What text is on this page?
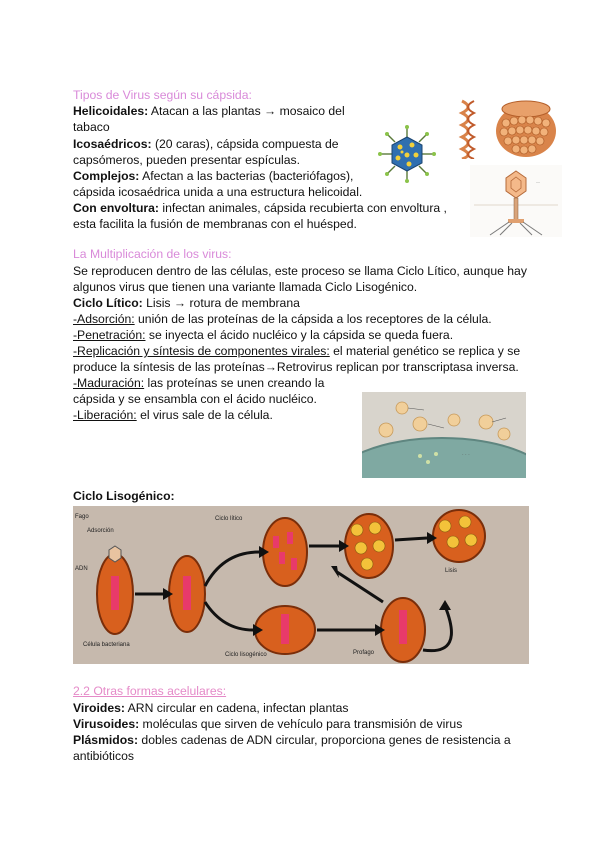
Tipos de Virus según su cápsida:
Helicoidales: Atacan a las plantas → mosaico del
tabaco
Icosaédricos: (20 caras), cápsida compuesta de
capsómeros, pueden presentar espículas.
Complejos: Afectan a las bacterias (bacteriófagos),
cápsida icosaédrica unida a una estructura helicoidal.
Con envoltura: infectan animales, cápsida recubierta con envoltura ,
esta facilita la fusión de membranas con el huésped.
—
La Multiplicación de los virus:
Se reproducen dentro de las células, este proceso se llama Ciclo Lítico, aunque hay
algunos virus que tienen una variante llamada Ciclo Lisogénico.
Ciclo Lítico: Lisis → rotura de membrana
-Adsorción: unión de las proteínas de la cápsida a los receptores de la célula.
-Penetración: se inyecta el ácido nucléico y la cápsida se queda fuera.
-Replicación y síntesis de componentes virales: el material genético se replica y se
produce la síntesis de las proteínas→Retrovirus replican por transcriptasa inversa.
-Maduración: las proteínas se unen creando la
cápsida y se ensambla con el ácido nucléico.
-Liberación: el virus sale de la célula.
· · ·
Ciclo Lisogénico:
Fago
Adsorción
ADN
Célula bacteriana
Ciclo lítico
Ciclo lisogénico
Lisis
Profago
2.2 Otras formas acelulares:
Viroides: ARN circular en cadena, infectan plantas
Virusoides: moléculas que sirven de vehículo para transmisión de virus
Plásmidos: dobles cadenas de ADN circular, proporciona genes de resistencia a
antibióticos
